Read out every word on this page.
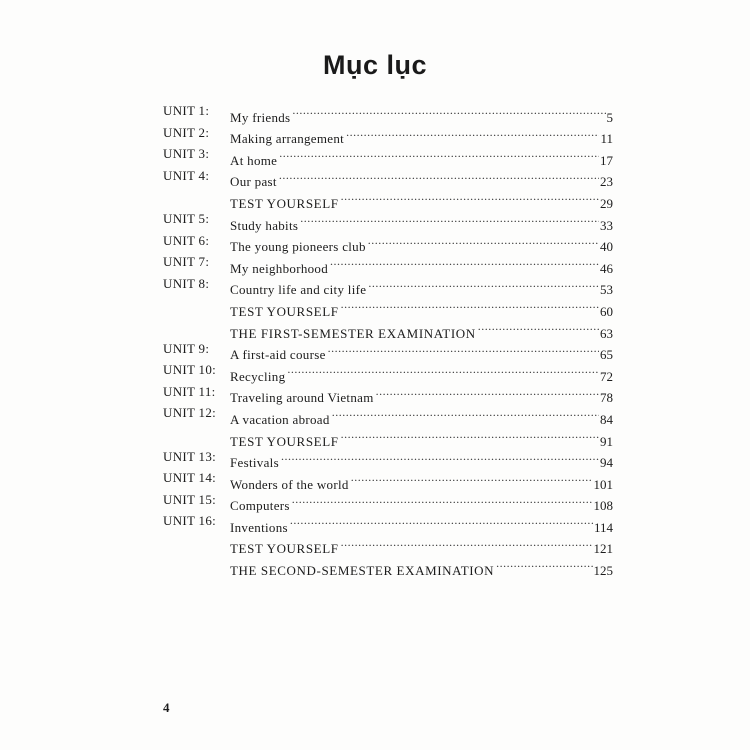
Mục lục
UNIT 1:	My friends .....	5
UNIT 2:	Making arrangement .....	11
UNIT 3:	At home .....	17
UNIT 4:	Our past .....	23
TEST YOURSELF .....	29
UNIT 5:	Study habits .....	33
UNIT 6:	The young pioneers club .....	40
UNIT 7:	My neighborhood .....	46
UNIT 8:	Country life and city life .....	53
TEST YOURSELF .....	60
THE FIRST-SEMESTER EXAMINATION .....	63
UNIT 9:	A first-aid course .....	65
UNIT 10:	Recycling .....	72
UNIT 11:	Traveling around Vietnam .....	78
UNIT 12:	A vacation abroad .....	84
TEST YOURSELF .....	91
UNIT 13:	Festivals .....	94
UNIT 14:	Wonders of the world .....	101
UNIT 15:	Computers .....	108
UNIT 16:	Inventions .....	114
TEST YOURSELF .....	121
THE SECOND-SEMESTER EXAMINATION .....	125
4
